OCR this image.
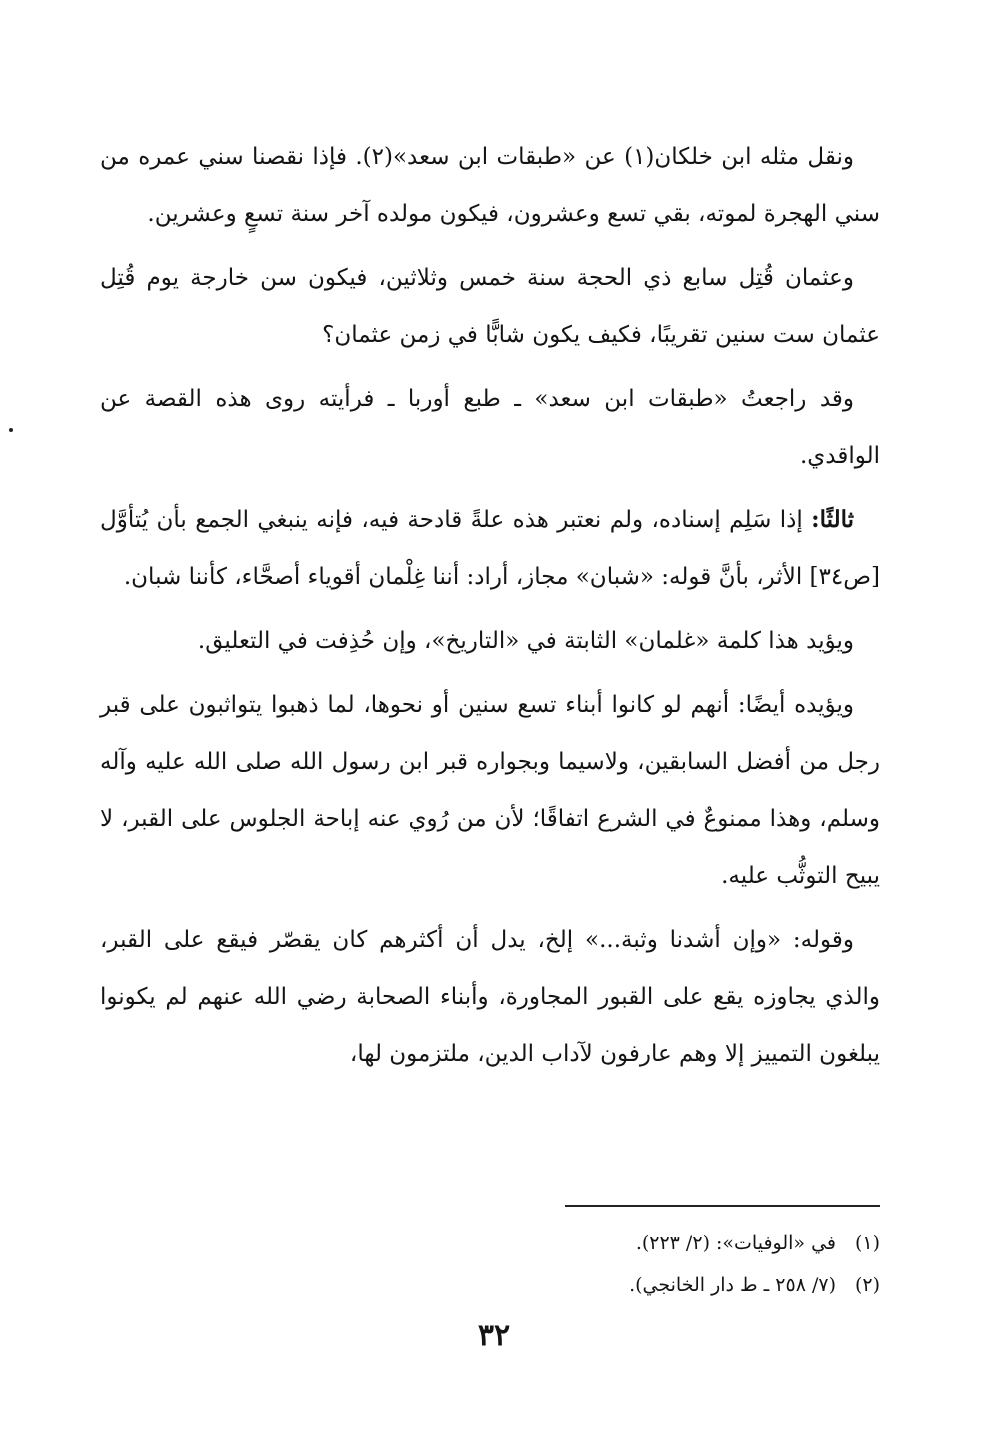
ونقل مثله ابن خلكان(١) عن «طبقات ابن سعد»(٢). فإذا نقصنا سني عمره من سني الهجرة لموته، بقي تسع وعشرون، فيكون مولده آخر سنة تسعٍ وعشرين.

وعثمان قُتِل سابع ذي الحجة سنة خمس وثلاثين، فيكون سن خارجة يوم قُتِل عثمان ست سنين تقريبًا، فكيف يكون شابًّا في زمن عثمان؟

وقد راجعتُ «طبقات ابن سعد» ـ طبع أوربا ـ فرأيته روى هذه القصة عن الواقدي.

ثالثًا: إذا سَلِم إسناده، ولم نعتبر هذه علةً قادحة فيه، فإنه ينبغي الجمع بأن يُتأوَّل [ص٣٤] الأثر، بأنَّ قوله: «شبان» مجاز، أراد: أننا غِلْمان أقوياء أصحَّاء، كأننا شبان.

ويؤيد هذا كلمة «غلمان» الثابتة في «التاريخ»، وإن حُذِفت في التعليق.

ويؤيده أيضًا: أنهم لو كانوا أبناء تسع سنين أو نحوها، لما ذهبوا يتواثبون على قبر رجل من أفضل السابقين، ولاسيما وبجواره قبر ابن رسول الله صلى الله عليه وآله وسلم، وهذا ممنوعٌ في الشرع اتفاقًا؛ لأن من رُوي عنه إباحة الجلوس على القبر، لا يبيح التوثُّب عليه.

وقوله: «وإن أشدنا وثبة...» إلخ، يدل أن أكثرهم كان يقصّر فيقع على القبر، والذي يجاوزه يقع على القبور المجاورة، وأبناء الصحابة رضي الله عنهم لم يكونوا يبلغون التمييز إلا وهم عارفون لآداب الدين، ملتزمون لها،

(١)في «الوفيات»: (٢/ ٢٢٣).

(٢)(٧/ ٢٥٨ ـ ط دار الخانجي).

٣٢
